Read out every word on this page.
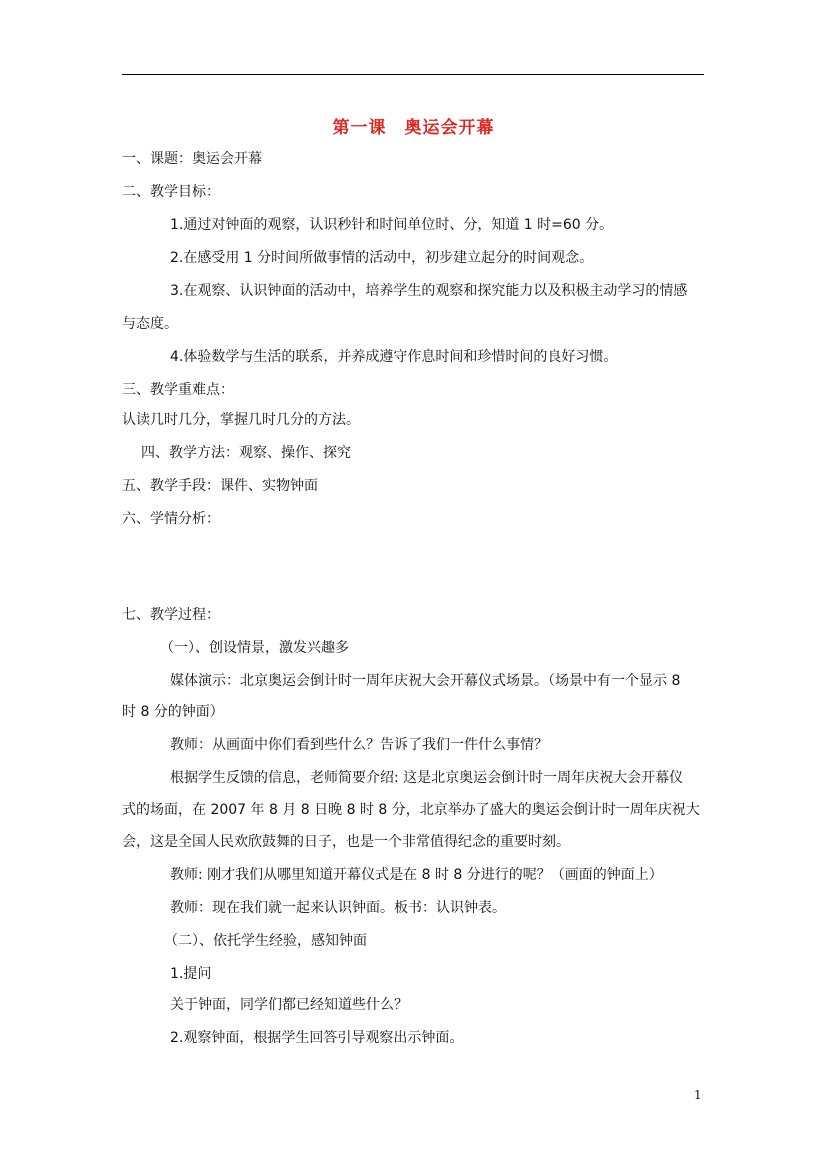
第一课 奥运会开幕
一、课题：奥运会开幕
二、教学目标：
1.通过对钟面的观察，认识秒针和时间单位时、分，知道 1 时=60 分。
2.在感受用 1 分时间所做事情的活动中，初步建立起分的时间观念。
3.在观察、认识钟面的活动中，培养学生的观察和探究能力以及积极主动学习的情感
与态度。
4.体验数学与生活的联系，并养成遵守作息时间和珍惜时间的良好习惯。
三、教学重难点：
认读几时几分，掌握几时几分的方法。
四、教学方法：观察、操作、探究
五、教学手段：课件、实物钟面
六、学情分析：
七、教学过程：
（一）、创设情景，激发兴趣多
媒体演示：北京奥运会倒计时一周年庆祝大会开幕仪式场景。（场景中有一个显示 8
时 8 分的钟面）
教师：从画面中你们看到些什么？告诉了我们一件什么事情？
根据学生反馈的信息，老师简要介绍: 这是北京奥运会倒计时一周年庆祝大会开幕仪
式的场面，在 2007 年 8 月 8 日晚 8 时 8 分，北京举办了盛大的奥运会倒计时一周年庆祝大
会，这是全国人民欢欣鼓舞的日子，也是一个非常值得纪念的重要时刻。
教师: 刚才我们从哪里知道开幕仪式是在 8 时 8 分进行的呢？（画面的钟面上）
教师：现在我们就一起来认识钟面。板书：认识钟表。
（二）、依托学生经验，感知钟面
1.提问
关于钟面，同学们都已经知道些什么？
2.观察钟面，根据学生回答引导观察出示钟面。
1
